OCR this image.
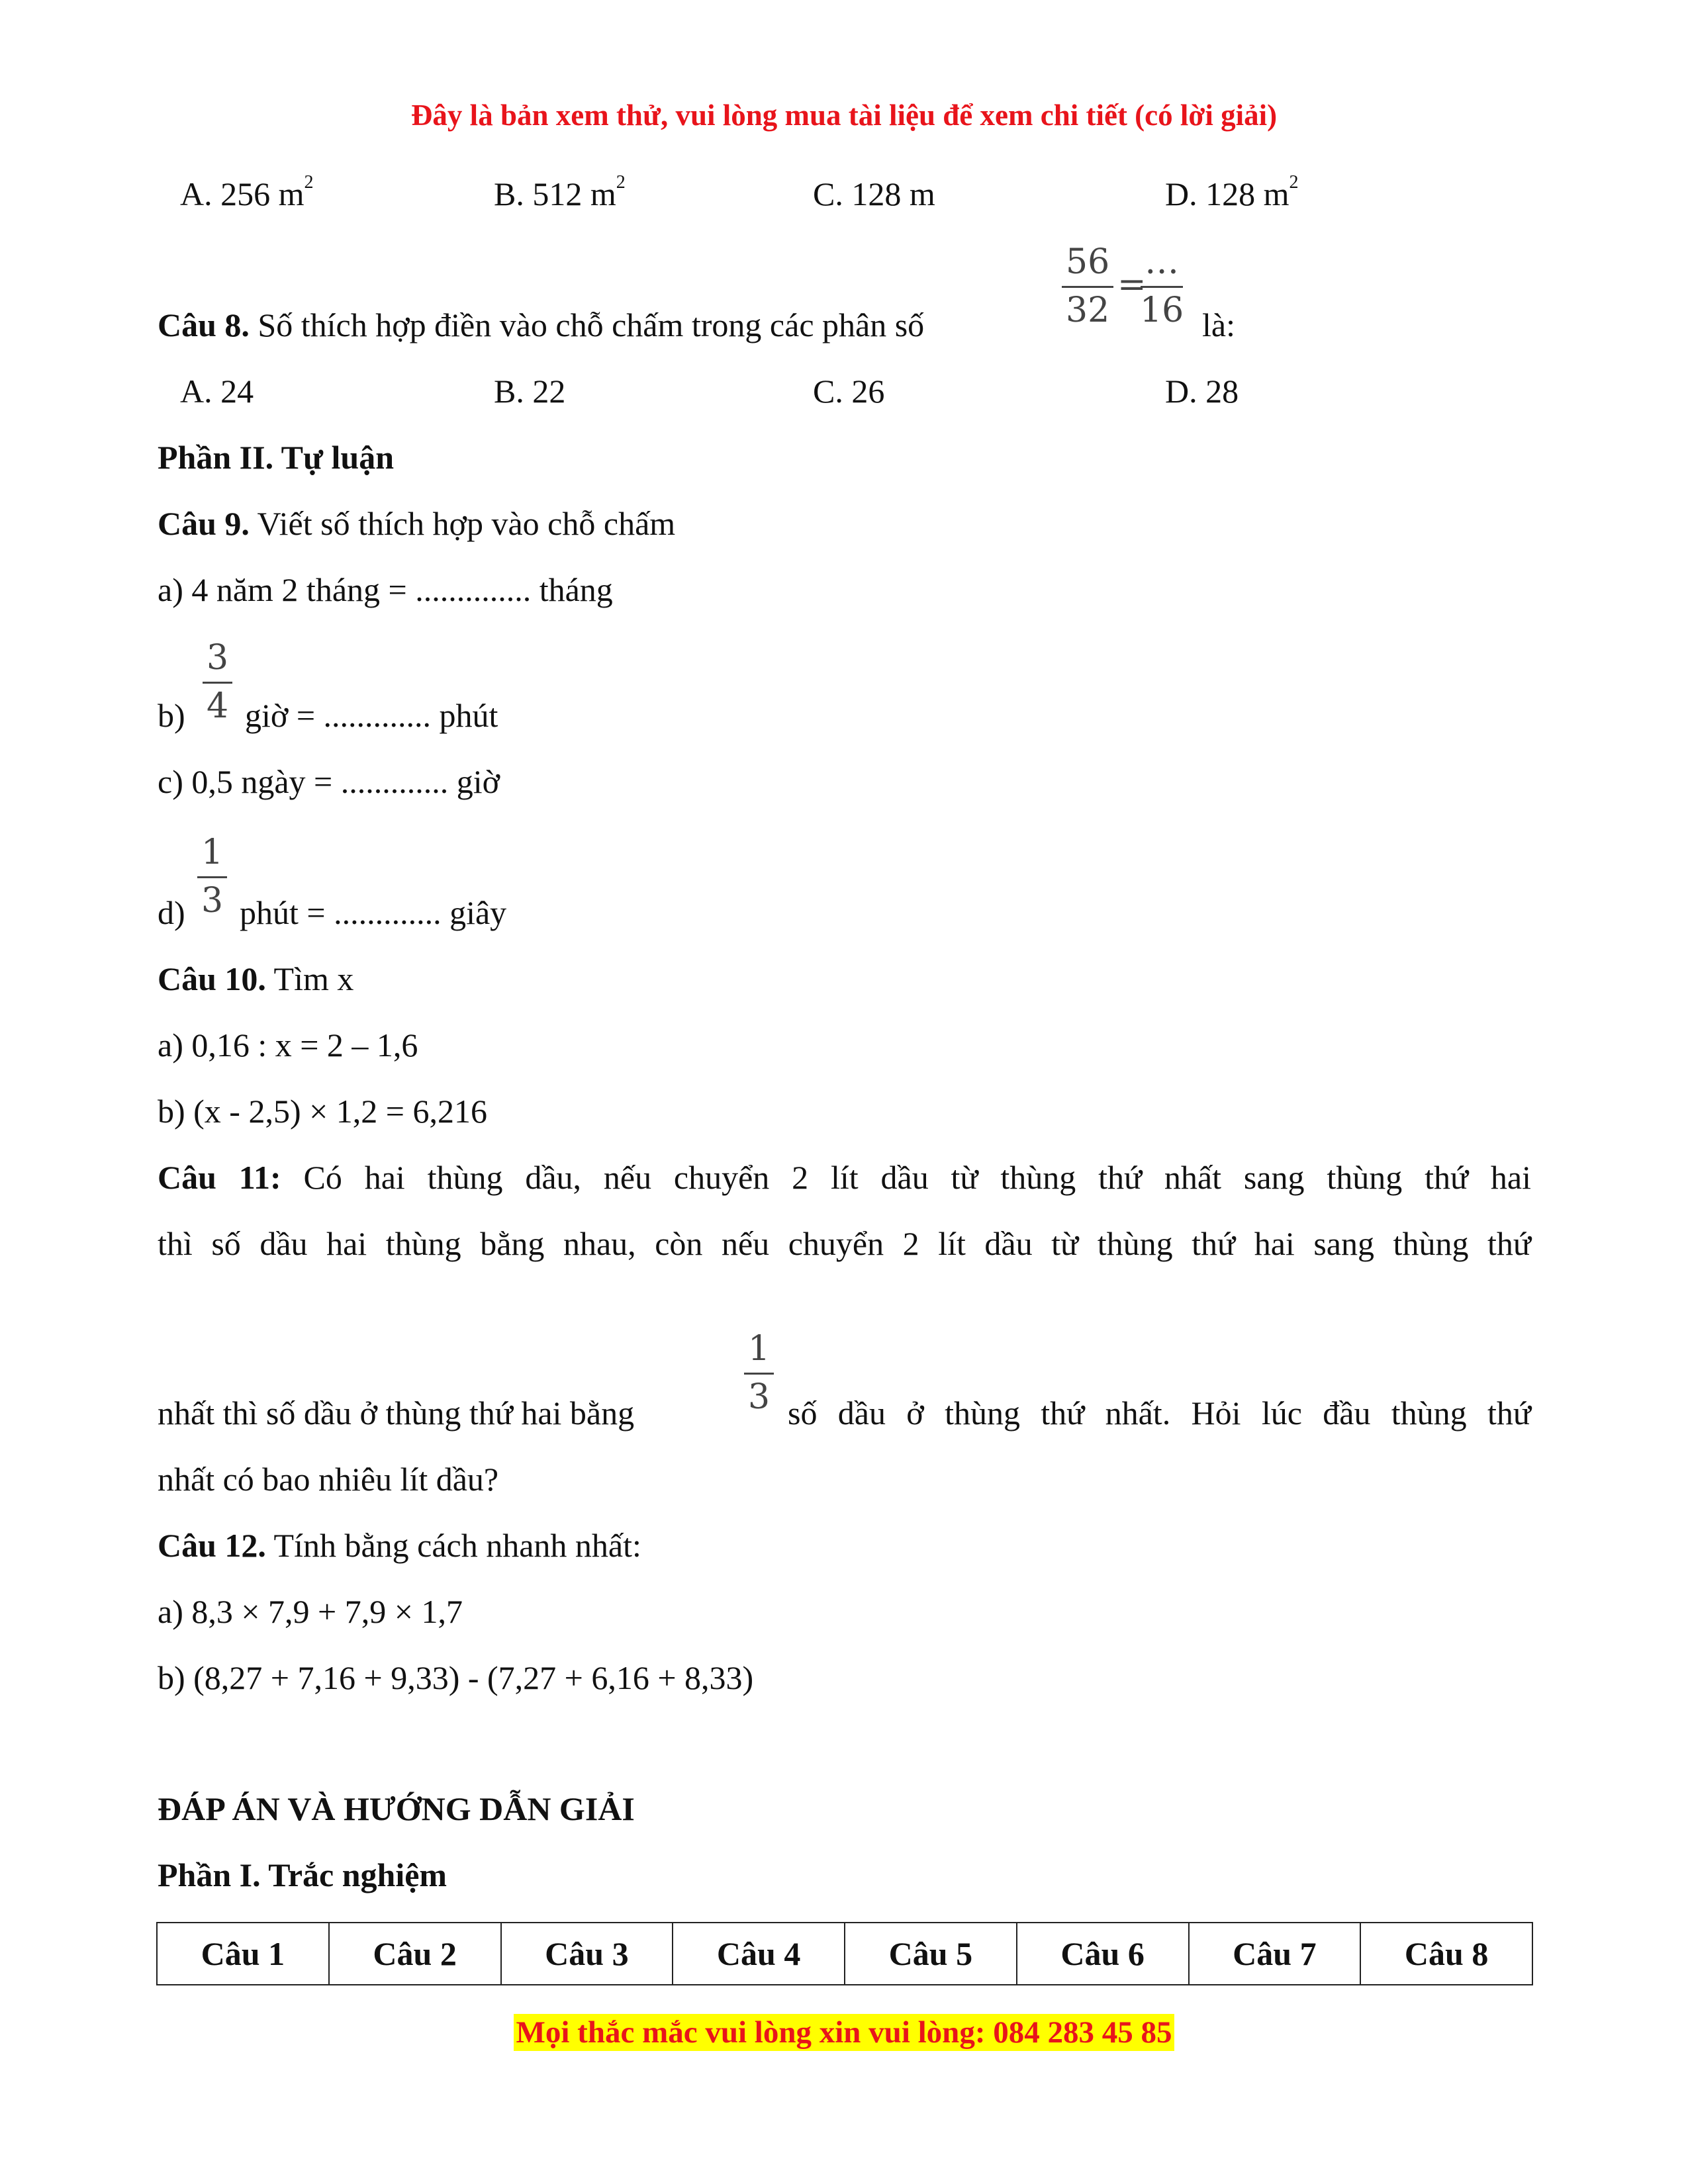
Đây là bản xem thử, vui lòng mua tài liệu để xem chi tiết (có lời giải)
A. 256 $m^2$	B. 512 $m^2$	C. 128 m	D. 128 $m^2$
Câu 8. Số thích hợp điền vào chỗ chấm trong các phân số	$\frac{56}{32}$ =
…
16 là:
A. 24	B. 22	C. 26	D. 28
Phần II. Tự luận
Câu 9. Viết số thích hợp vào chỗ chấm
a) 4 năm 2 tháng = .............. tháng
$b) \frac{3}{4}$ giờ = ............. phút
c) 0,5 ngày = ............. giờ
$d) \frac{1}{3}$ phút = ............. giây
Câu 10. Tìm x
a) 0,16 : x = 2 – 1,6
b) (x - 2,5) × 1,2 = 6,216
Câu 11: Có hai thùng dầu, nếu chuyển 2 lít dầu từ thùng thứ nhất sang thùng thứ hai
thì số dầu hai thùng bằng nhau, còn nếu chuyển 2 lít dầu từ thùng thứ hai sang thùng thứ
nhất thì số dầu ở thùng thứ hai bằng	$\frac{1}{3}$ số dầu ở thùng thứ nhất. Hỏi lúc đầu thùng thứ
nhất có bao nhiêu lít dầu?
Câu 12. Tính bằng cách nhanh nhất:
a) 8,3 × 7,9 + 7,9 × 1,7
b) (8,27 + 7,16 + 9,33) - (7,27 + 6,16 + 8,33)
ĐÁP ÁN VÀ HƯỚNG DẪN GIẢI
Phần I. Trắc nghiệm
Câu 1	Câu 2	Câu 3	Câu 4	Câu 5	Câu 6	Câu 7	Câu 8
Mọi thắc mắc vui lòng xin vui lòng: 084 283 45 85
